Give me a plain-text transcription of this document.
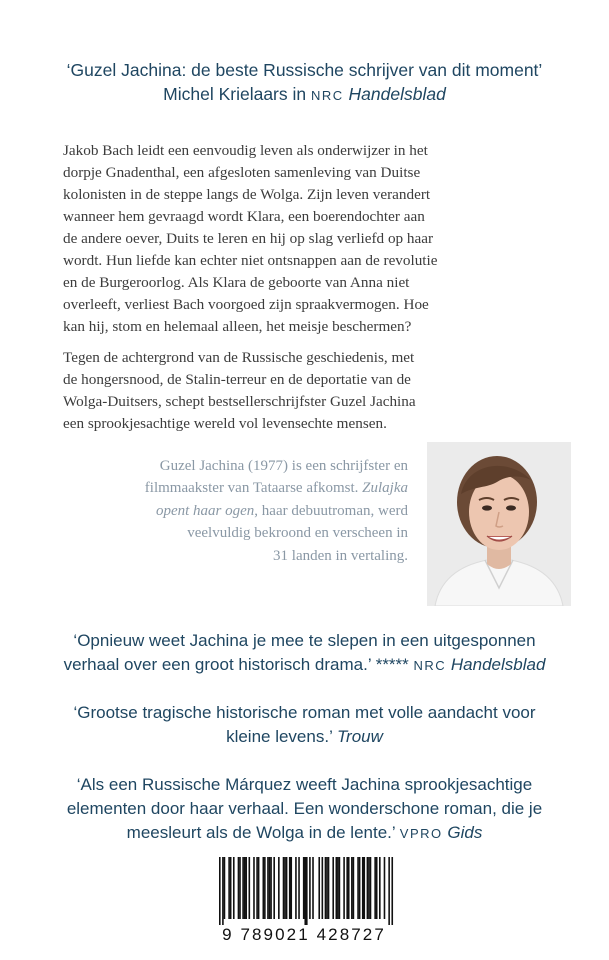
‘Guzel Jachina: de beste Russische schrijver van dit moment’
Michel Krielaars in NRC Handelsblad
Jakob Bach leidt een eenvoudig leven als onderwijzer in het
dorpje Gnadenthal, een afgesloten samenleving van Duitse
kolonisten in de steppe langs de Wolga. Zijn leven verandert
wanneer hem gevraagd wordt Klara, een boerendochter aan
de andere oever, Duits te leren en hij op slag verliefd op haar
wordt. Hun liefde kan echter niet ontsnappen aan de revolutie
en de Burgeroorlog. Als Klara de geboorte van Anna niet
overleeft, verliest Bach voorgoed zijn spraakvermogen. Hoe
kan hij, stom en helemaal alleen, het meisje beschermen?
Tegen de achtergrond van de Russische geschiedenis, met
de hongersnood, de Stalin-terreur en de deportatie van de
Wolga-Duitsers, schept bestsellerschrijfster Guzel Jachina
een sprookjesachtige wereld vol levensechte mensen.
Guzel Jachina (1977) is een schrijfster en
filmmaakster van Tataarse afkomst. Zulajka
opent haar ogen, haar debuutroman, werd
veelvuldig bekroond en verscheen in
31 landen in vertaling.
‘Opnieuw weet Jachina je mee te slepen in een uitgesponnen
verhaal over een groot historisch drama.’ ***** NRC Handelsblad
‘Grootse tragische historische roman met volle aandacht voor
kleine levens.’ Trouw
‘Als een Russische Márquez weeft Jachina sprookjesachtige
elementen door haar verhaal. Een wonderschone roman, die je
meesleurt als de Wolga in de lente.’ VPRO Gids
9 789021 428727
